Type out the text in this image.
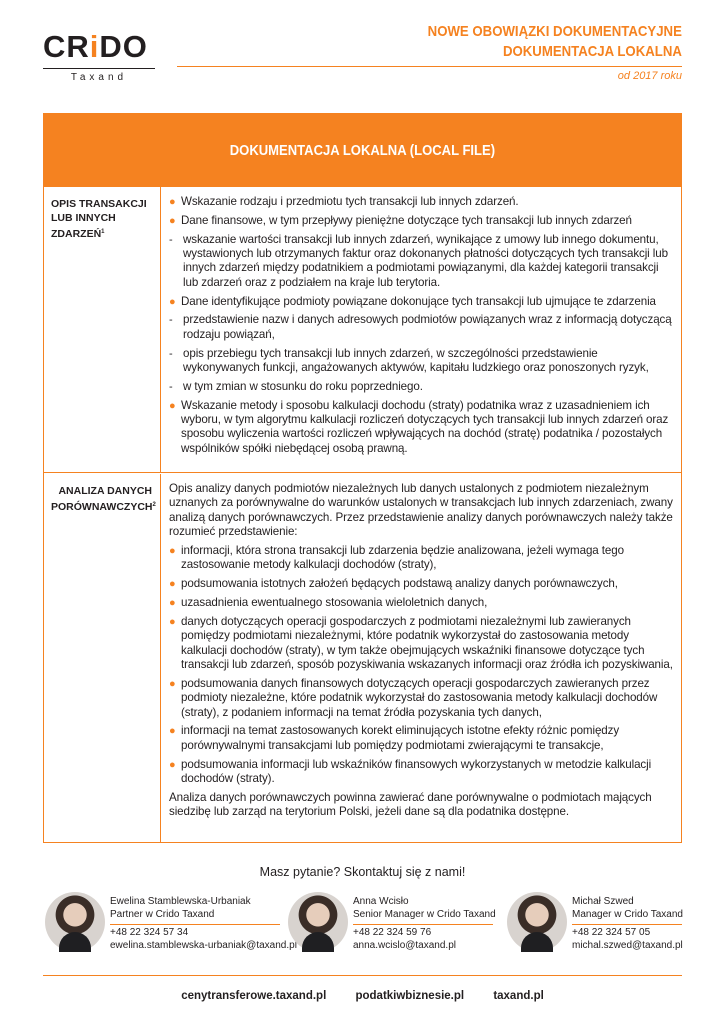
CRiDO
Taxand
NOWE OBOWIĄZKI DOKUMENTACYJNE
DOKUMENTACJA LOKALNA
od 2017 roku
DOKUMENTACJA LOKALNA (LOCAL FILE)
OPIS TRANSAKCJI LUB INNYCH ZDARZEŃ$^1$
● Wskazanie rodzaju i przedmiotu tych transakcji lub innych zdarzeń.
● Dane finansowe, w tym przepływy pieniężne dotyczące tych transakcji lub innych zdarzeń
- wskazanie wartości transakcji lub innych zdarzeń, wynikające z umowy lub innego dokumentu, wystawionych lub otrzymanych faktur oraz dokonanych płatności dotyczących tych transakcji lub innych zdarzeń między podatnikiem a podmiotami powiązanymi, dla każdej kategorii transakcji lub zdarzeń oraz z podziałem na kraje lub terytoria.
● Dane identyfikujące podmioty powiązane dokonujące tych transakcji lub ujmujące te zdarzenia
- przedstawienie nazw i danych adresowych podmiotów powiązanych wraz z informacją dotyczącą rodzaju powiązań,
- opis przebiegu tych transakcji lub innych zdarzeń, w szczególności przedstawienie wykonywanych funkcji, angażowanych aktywów, kapitału ludzkiego oraz ponoszonych ryzyk,
- w tym zmian w stosunku do roku poprzedniego.
● Wskazanie metody i sposobu kalkulacji dochodu (straty) podatnika wraz z uzasadnieniem ich wyboru, w tym algorytmu kalkulacji rozliczeń dotyczących tych transakcji lub innych zdarzeń oraz sposobu wyliczenia wartości rozliczeń wpływających na dochód (stratę) podatnika / pozostałych wspólników spółki niebędącej osobą prawną.
ANALIZA DANYCH PORÓWNAWCZYCH$^2$
Opis analizy danych podmiotów niezależnych lub danych ustalonych z podmiotem niezależnym uznanych za porównywalne do warunków ustalonych w transakcjach lub innych zdarzeniach, zwany analizą danych porównawczych. Przez przedstawienie analizy danych porównawczych należy także rozumieć przedstawienie:
● informacji, która strona transakcji lub zdarzenia będzie analizowana, jeżeli wymaga tego zastosowanie metody kalkulacji dochodów (straty),
● podsumowania istotnych założeń będących podstawą analizy danych porównawczych,
● uzasadnienia ewentualnego stosowania wieloletnich danych,
● danych dotyczących operacji gospodarczych z podmiotami niezależnymi lub zawieranych pomiędzy podmiotami niezależnymi, które podatnik wykorzystał do zastosowania metody kalkulacji dochodów (straty), w tym także obejmujących wskaźniki finansowe dotyczące tych transakcji lub zdarzeń, sposób pozyskiwania wskazanych informacji oraz źródła ich pozyskiwania,
● podsumowania danych finansowych dotyczących operacji gospodarczych zawieranych przez podmioty niezależne, które podatnik wykorzystał do zastosowania metody kalkulacji dochodów (straty), z podaniem informacji na temat źródła pozyskania tych danych,
● informacji na temat zastosowanych korekt eliminujących istotne efekty różnic pomiędzy porównywalnymi transakcjami lub pomiędzy podmiotami zwierającymi te transakcje,
● podsumowania informacji lub wskaźników finansowych wykorzystanych w metodzie kalkulacji dochodów (straty).
Analiza danych porównawczych powinna zawierać dane porównywalne o podmiotach mających siedzibę lub zarząd na terytorium Polski, jeżeli dane są dla podatnika dostępne.
Masz pytanie? Skontaktuj się z nami!
Ewelina Stamblewska-Urbaniak
Partner w Crido Taxand
+48 22 324 57 34
ewelina.stamblewska-urbaniak@taxand.pl
Anna Wcisło
Senior Manager w Crido Taxand
+48 22 324 59 76
anna.wcislo@taxand.pl
Michał Szwed
Manager w Crido Taxand
+48 22 324 57 05
michal.szwed@taxand.pl
cenytransferowe.taxand.pl	podatkiwbiznesie.pl	taxand.pl
